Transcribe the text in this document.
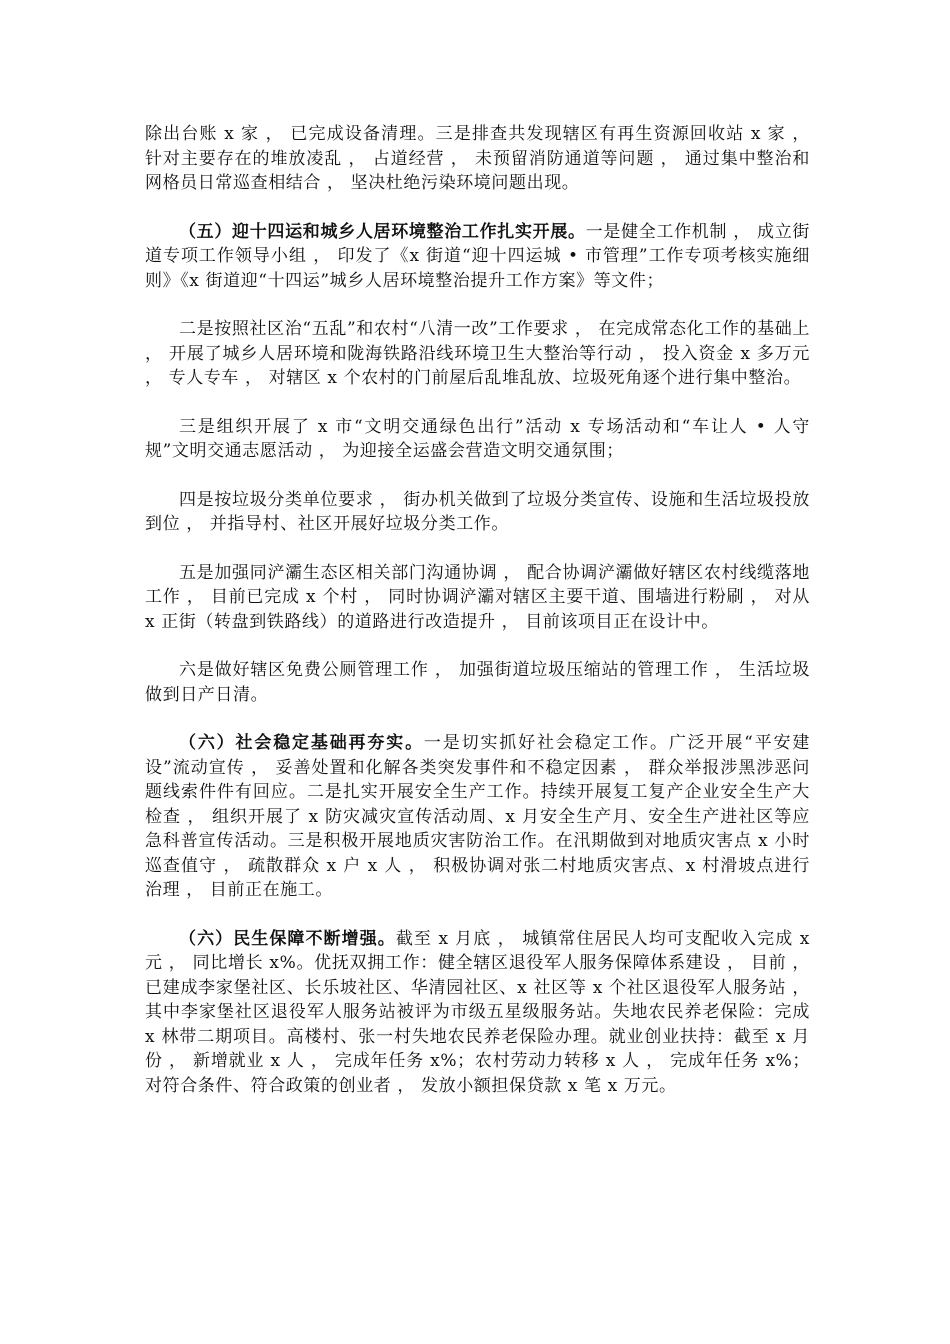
除出台账 x 家 ， 已完成设备清理。三是排查共发现辖区有再生资源回收站 x 家 ， 针对主要存在的堆放凌乱 ， 占道经营 ， 未预留消防通道等问题 ， 通过集中整治和网格员日常巡查相结合 ， 坚决杜绝污染环境问题出现。

（五）迎十四运和城乡人居环境整治工作扎实开展。一是健全工作机制 ， 成立街道专项工作领导小组 ， 印发了《x 街道“迎十四运城 • 市管理”工作专项考核实施细则》《x 街道迎“十四运”城乡人居环境整治提升工作方案》等文件；

二是按照社区治“五乱”和农村“八清一改”工作要求 ， 在完成常态化工作的基础上 ， 开展了城乡人居环境和陇海铁路沿线环境卫生大整治等行动 ， 投入资金 x 多万元 ， 专人专车 ， 对辖区 x 个农村的门前屋后乱堆乱放、垃圾死角逐个进行集中整治。

三是组织开展了 x 市“文明交通绿色出行”活动 x 专场活动和“车让人 • 人守规”文明交通志愿活动 ， 为迎接全运盛会营造文明交通氛围；

四是按垃圾分类单位要求 ， 街办机关做到了垃圾分类宣传、设施和生活垃圾投放到位 ， 并指导村、社区开展好垃圾分类工作。

五是加强同浐灞生态区相关部门沟通协调 ， 配合协调浐灞做好辖区农村线缆落地工作 ， 目前已完成 x 个村 ， 同时协调浐灞对辖区主要干道、围墙进行粉刷 ， 对从 x 正街（转盘到铁路线）的道路进行改造提升 ， 目前该项目正在设计中。

六是做好辖区免费公厕管理工作 ， 加强街道垃圾压缩站的管理工作 ， 生活垃圾做到日产日清。

（六）社会稳定基础再夯实。一是切实抓好社会稳定工作。广泛开展“平安建设”流动宣传 ， 妥善处置和化解各类突发事件和不稳定因素 ， 群众举报涉黑涉恶问题线索件件有回应。二是扎实开展安全生产工作。持续开展复工复产企业安全生产大检查 ， 组织开展了 x 防灾减灾宣传活动周、x 月安全生产月、安全生产进社区等应急科普宣传活动。三是积极开展地质灾害防治工作。在汛期做到对地质灾害点 x 小时巡查值守 ， 疏散群众 x 户 x 人 ， 积极协调对张二村地质灾害点、x 村滑坡点进行治理 ， 目前正在施工。

（六）民生保障不断增强。截至 x 月底 ， 城镇常住居民人均可支配收入完成 x 元 ， 同比增长 x%。优抚双拥工作：健全辖区退役军人服务保障体系建设 ， 目前 ， 已建成李家堡社区、长乐坡社区、华清园社区、x 社区等 x 个社区退役军人服务站 ， 其中李家堡社区退役军人服务站被评为市级五星级服务站。失地农民养老保险：完成 x 林带二期项目。高楼村、张一村失地农民养老保险办理。就业创业扶持：截至 x 月份 ， 新增就业 x 人 ， 完成年任务 x%；农村劳动力转移 x 人 ， 完成年任务 x%；对符合条件、符合政策的创业者 ， 发放小额担保贷款 x 笔 x 万元。
